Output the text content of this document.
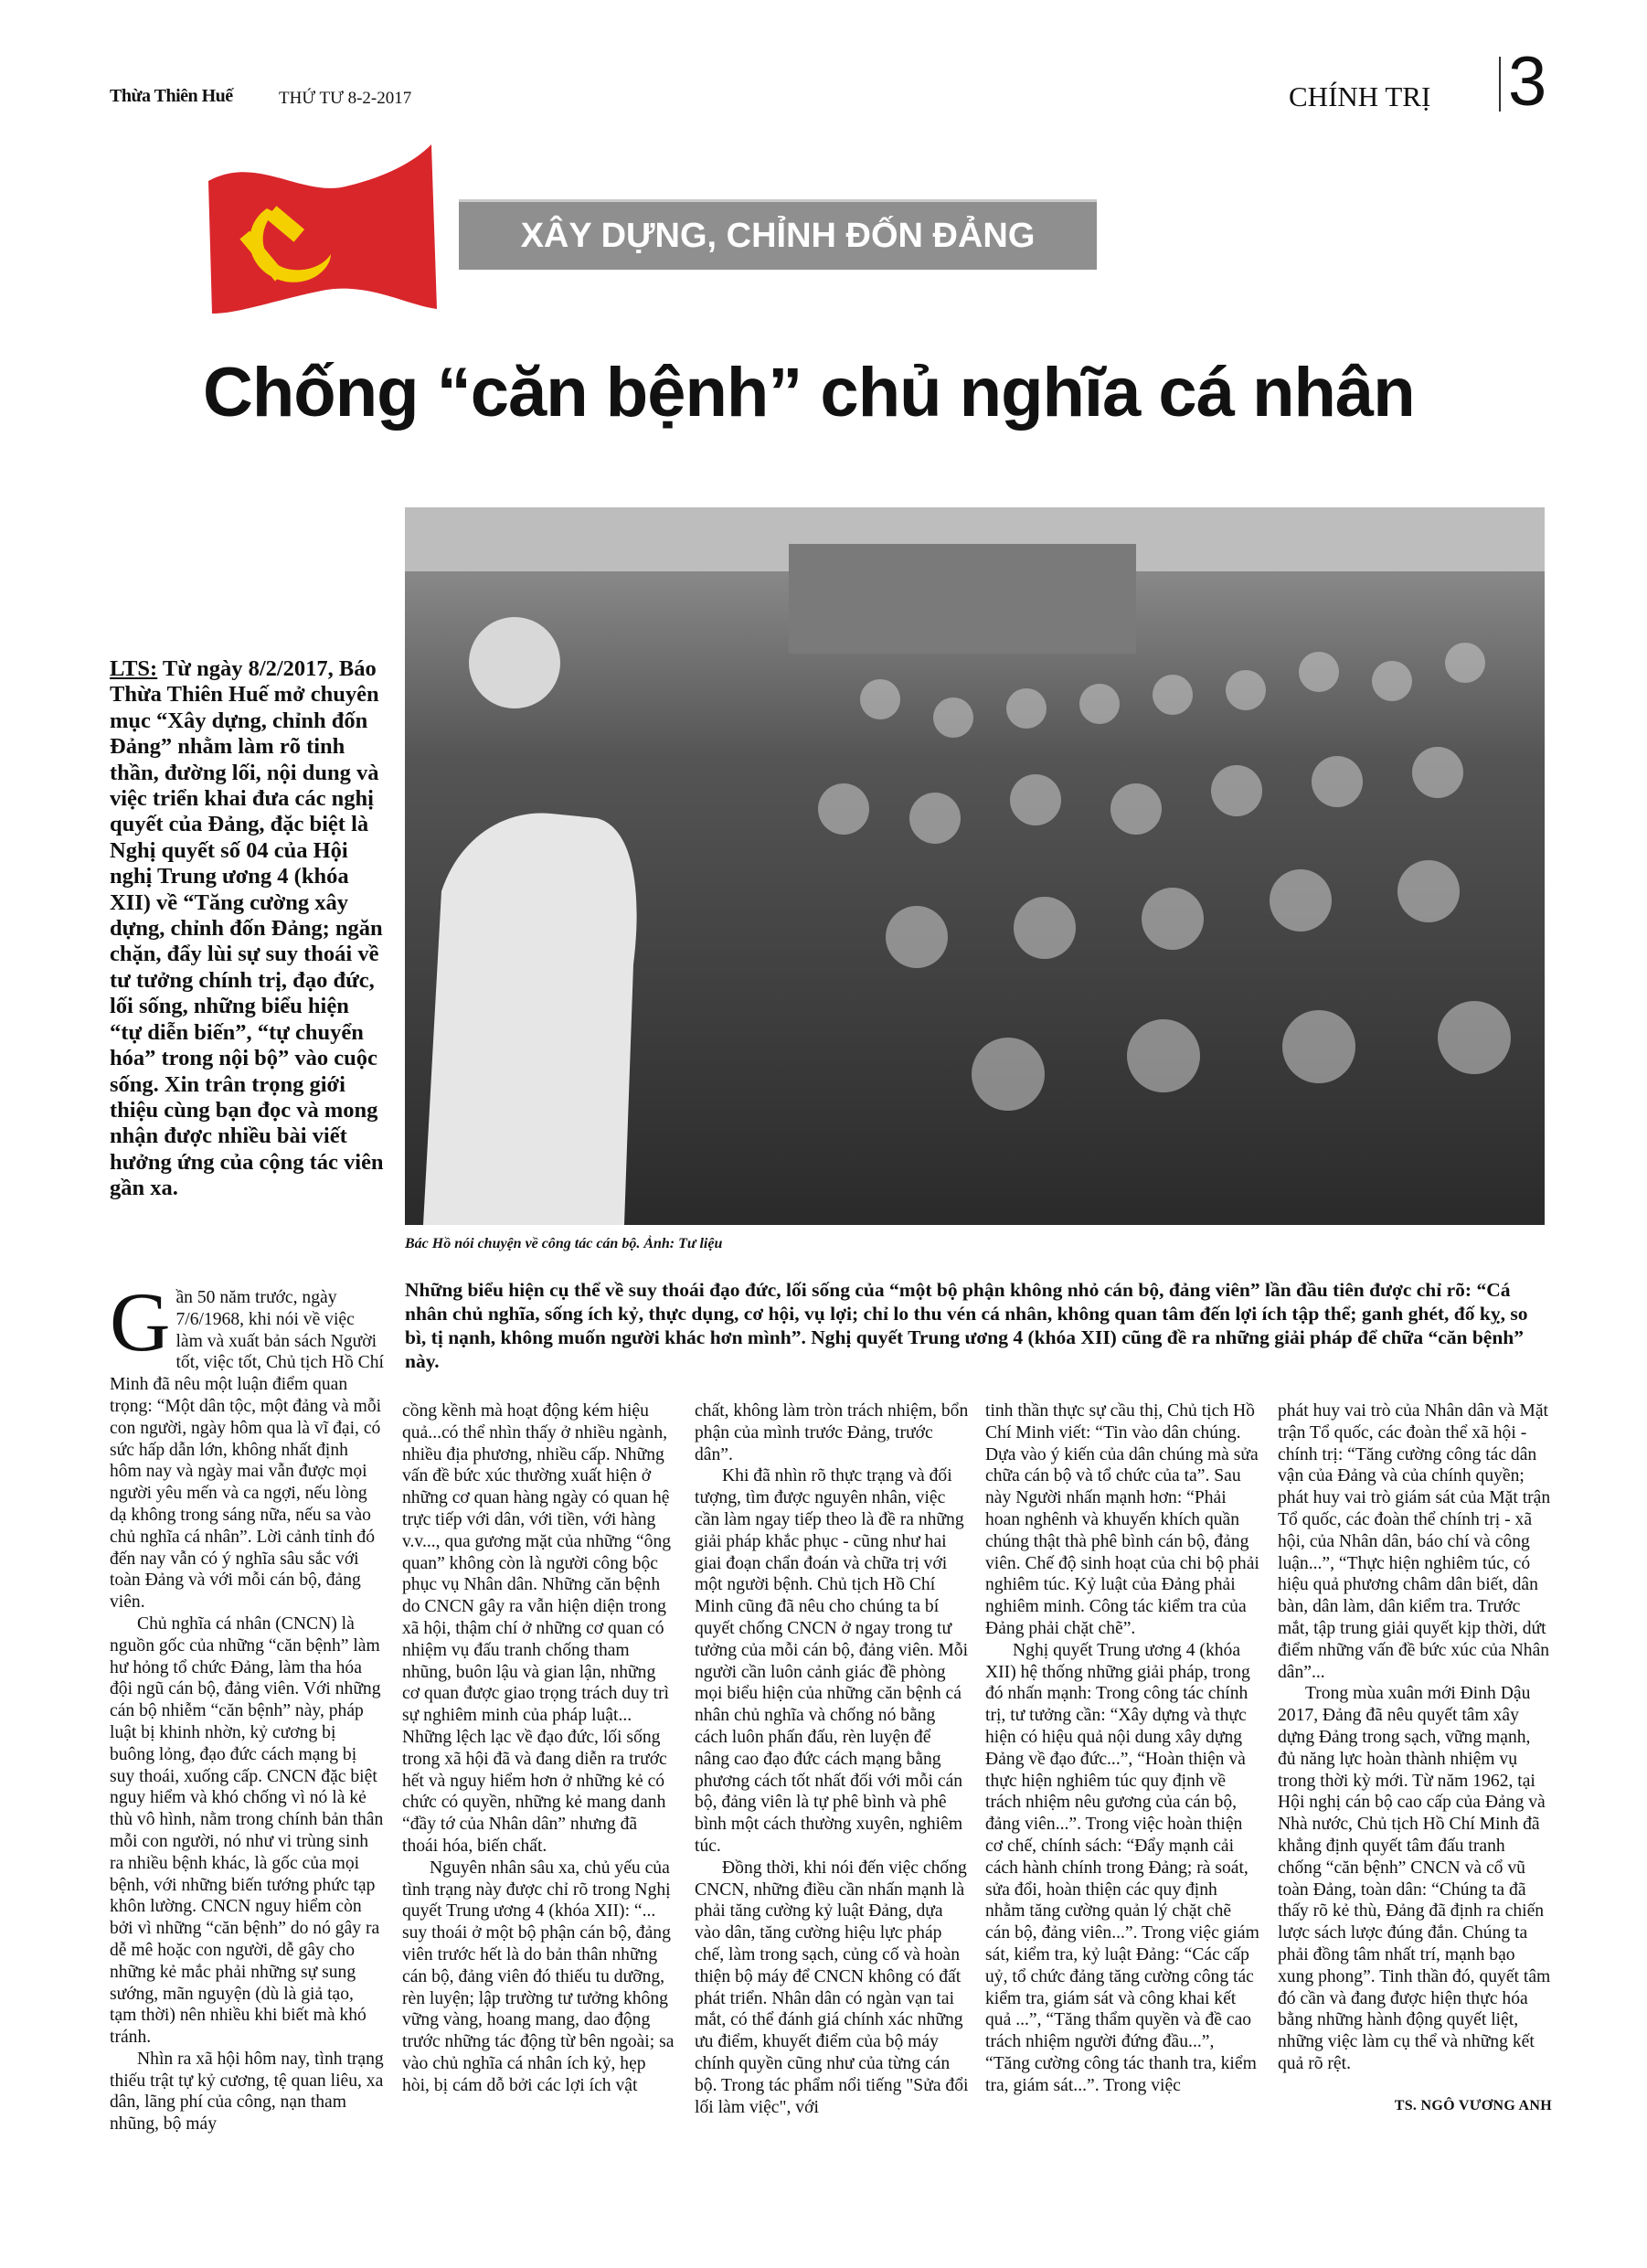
Thừa Thiên Huế	THỨ TƯ 8-2-2017	CHÍNH TRỊ 3
XÂY DỰNG, CHỈNH ĐỐN ĐẢNG
Chống “căn bệnh” chủ nghĩa cá nhân
Bác Hồ nói chuyện về công tác cán bộ. Ảnh: Tư liệu
LTS: Từ ngày 8/2/2017, Báo Thừa Thiên Huế mở chuyên mục “Xây dựng, chỉnh đốn Đảng” nhằm làm rõ tinh thần, đường lối, nội dung và việc triển khai đưa các nghị quyết của Đảng, đặc biệt là Nghị quyết số 04 của Hội nghị Trung ương 4 (khóa XII) về “Tăng cường xây dựng, chỉnh đốn Đảng; ngăn chặn, đẩy lùi sự suy thoái về tư tưởng chính trị, đạo đức, lối sống, những biểu hiện “tự diễn biến”, “tự chuyển hóa” trong nội bộ” vào cuộc sống. Xin trân trọng giới thiệu cùng bạn đọc và mong nhận được nhiều bài viết hưởng ứng của cộng tác viên gần xa.
Những biểu hiện cụ thể về suy thoái đạo đức, lối sống của “một bộ phận không nhỏ cán bộ, đảng viên” lần đầu tiên được chỉ rõ: “Cá nhân chủ nghĩa, sống ích kỷ, thực dụng, cơ hội, vụ lợi; chỉ lo thu vén cá nhân, không quan tâm đến lợi ích tập thể; ganh ghét, đố kỵ, so bì, tị nạnh, không muốn người khác hơn mình”. Nghị quyết Trung ương 4 (khóa XII) cũng đề ra những giải pháp để chữa “căn bệnh” này.

Gần 50 năm trước, ngày 7/6/1968, khi nói về việc làm và xuất bản sách Người tốt, việc tốt, Chủ tịch Hồ Chí Minh đã nêu một luận điểm quan trọng: “Một dân tộc, một đảng và mỗi con người, ngày hôm qua là vĩ đại, có sức hấp dẫn lớn, không nhất định hôm nay và ngày mai vẫn được mọi người yêu mến và ca ngợi, nếu lòng dạ không trong sáng nữa, nếu sa vào chủ nghĩa cá nhân”. Lời cảnh tỉnh đó đến nay vẫn có ý nghĩa sâu sắc với toàn Đảng và với mỗi cán bộ, đảng viên.

Chủ nghĩa cá nhân (CNCN) là nguồn gốc của những “căn bệnh” làm hư hỏng tổ chức Đảng, làm tha hóa đội ngũ cán bộ, đảng viên. Với những cán bộ nhiễm “căn bệnh” này, pháp luật bị khinh nhờn, kỷ cương bị buông lỏng, đạo đức cách mạng bị suy thoái, xuống cấp. CNCN đặc biệt nguy hiểm và khó chống vì nó là kẻ thù vô hình, nằm trong chính bản thân mỗi con người, nó như vi trùng sinh ra nhiều bệnh khác, là gốc của mọi bệnh, với những biến tướng phức tạp khôn lường. CNCN nguy hiểm còn bởi vì những “căn bệnh” do nó gây ra dễ mê hoặc con người, dễ gây cho những kẻ mắc phải những sự sung sướng, mãn nguyện (dù là giả tạo, tạm thời) nên nhiều khi biết mà khó tránh.

Nhìn ra xã hội hôm nay, tình trạng thiếu trật tự kỷ cương, tệ quan liêu, xa dân, lãng phí của công, nạn tham nhũng, bộ máy

cồng kềnh mà hoạt động kém hiệu quả...có thể nhìn thấy ở nhiều ngành, nhiều địa phương, nhiều cấp. Những vấn đề bức xúc thường xuất hiện ở những cơ quan hàng ngày có quan hệ trực tiếp với dân, với tiền, với hàng v.v..., qua gương mặt của những “ông quan” không còn là người công bộc phục vụ Nhân dân. Những căn bệnh do CNCN gây ra vẫn hiện diện trong xã hội, thậm chí ở những cơ quan có nhiệm vụ đấu tranh chống tham nhũng, buôn lậu và gian lận, những cơ quan được giao trọng trách duy trì sự nghiêm minh của pháp luật... Những lệch lạc về đạo đức, lối sống trong xã hội đã và đang diễn ra trước hết và nguy hiểm hơn ở những kẻ có chức có quyền, những kẻ mang danh “đầy tớ của Nhân dân” nhưng đã thoái hóa, biến chất.

Nguyên nhân sâu xa, chủ yếu của tình trạng này được chỉ rõ trong Nghị quyết Trung ương 4 (khóa XII): “... suy thoái ở một bộ phận cán bộ, đảng viên trước hết là do bản thân những cán bộ, đảng viên đó thiếu tu dưỡng, rèn luyện; lập trường tư tưởng không vững vàng, hoang mang, dao động trước những tác động từ bên ngoài; sa vào chủ nghĩa cá nhân ích kỷ, hẹp hòi, bị cám dỗ bởi các lợi ích vật

chất, không làm tròn trách nhiệm, bổn phận của mình trước Đảng, trước dân”.

Khi đã nhìn rõ thực trạng và đối tượng, tìm được nguyên nhân, việc cần làm ngay tiếp theo là đề ra những giải pháp khắc phục - cũng như hai giai đoạn chẩn đoán và chữa trị với một người bệnh. Chủ tịch Hồ Chí Minh cũng đã nêu cho chúng ta bí quyết chống CNCN ở ngay trong tư tưởng của mỗi cán bộ, đảng viên. Mỗi người cần luôn cảnh giác đề phòng mọi biểu hiện của những căn bệnh cá nhân chủ nghĩa và chống nó bằng cách luôn phấn đấu, rèn luyện để nâng cao đạo đức cách mạng bằng phương cách tốt nhất đối với mỗi cán bộ, đảng viên là tự phê bình và phê bình một cách thường xuyên, nghiêm túc.

Đồng thời, khi nói đến việc chống CNCN, những điều cần nhấn mạnh là phải tăng cường kỷ luật Đảng, dựa vào dân, tăng cường hiệu lực pháp chế, làm trong sạch, củng cố và hoàn thiện bộ máy để CNCN không có đất phát triển. Nhân dân có ngàn vạn tai mắt, có thể đánh giá chính xác những ưu điểm, khuyết điểm của bộ máy chính quyền cũng như của từng cán bộ. Trong tác phẩm nổi tiếng "Sửa đổi lối làm việc", với

tinh thần thực sự cầu thị, Chủ tịch Hồ Chí Minh viết: “Tin vào dân chúng. Dựa vào ý kiến của dân chúng mà sửa chữa cán bộ và tổ chức của ta”. Sau này Người nhấn mạnh hơn: “Phải hoan nghênh và khuyến khích quần chúng thật thà phê bình cán bộ, đảng viên. Chế độ sinh hoạt của chi bộ phải nghiêm túc. Kỷ luật của Đảng phải nghiêm minh. Công tác kiểm tra của Đảng phải chặt chẽ”.

Nghị quyết Trung ương 4 (khóa XII) hệ thống những giải pháp, trong đó nhấn mạnh: Trong công tác chính trị, tư tưởng cần: “Xây dựng và thực hiện có hiệu quả nội dung xây dựng Đảng về đạo đức...”, “Hoàn thiện và thực hiện nghiêm túc quy định về trách nhiệm nêu gương của cán bộ, đảng viên...”. Trong việc hoàn thiện cơ chế, chính sách: “Đẩy mạnh cải cách hành chính trong Đảng; rà soát, sửa đổi, hoàn thiện các quy định nhằm tăng cường quản lý chặt chẽ cán bộ, đảng viên...”. Trong việc giám sát, kiểm tra, kỷ luật Đảng: “Các cấp uỷ, tổ chức đảng tăng cường công tác kiểm tra, giám sát và công khai kết quả ...”, “Tăng thẩm quyền và đề cao trách nhiệm người đứng đầu...”, “Tăng cường công tác thanh tra, kiểm tra, giám sát...”. Trong việc

phát huy vai trò của Nhân dân và Mặt trận Tổ quốc, các đoàn thể xã hội - chính trị: “Tăng cường công tác dân vận của Đảng và của chính quyền; phát huy vai trò giám sát của Mặt trận Tổ quốc, các đoàn thể chính trị - xã hội, của Nhân dân, báo chí và công luận...”, “Thực hiện nghiêm túc, có hiệu quả phương châm dân biết, dân bàn, dân làm, dân kiểm tra. Trước mắt, tập trung giải quyết kịp thời, dứt điểm những vấn đề bức xúc của Nhân dân”...

Trong mùa xuân mới Đinh Dậu 2017, Đảng đã nêu quyết tâm xây dựng Đảng trong sạch, vững mạnh, đủ năng lực hoàn thành nhiệm vụ trong thời kỳ mới. Từ năm 1962, tại Hội nghị cán bộ cao cấp của Đảng và Nhà nước, Chủ tịch Hồ Chí Minh đã khẳng định quyết tâm đấu tranh chống “căn bệnh” CNCN và cổ vũ toàn Đảng, toàn dân: “Chúng ta đã thấy rõ kẻ thù, Đảng đã định ra chiến lược sách lược đúng đắn. Chúng ta phải đồng tâm nhất trí, mạnh bạo xung phong”. Tinh thần đó, quyết tâm đó cần và đang được hiện thực hóa bằng những hành động quyết liệt, những việc làm cụ thể và những kết quả rõ rệt.

TS. NGÔ VƯƠNG ANH
